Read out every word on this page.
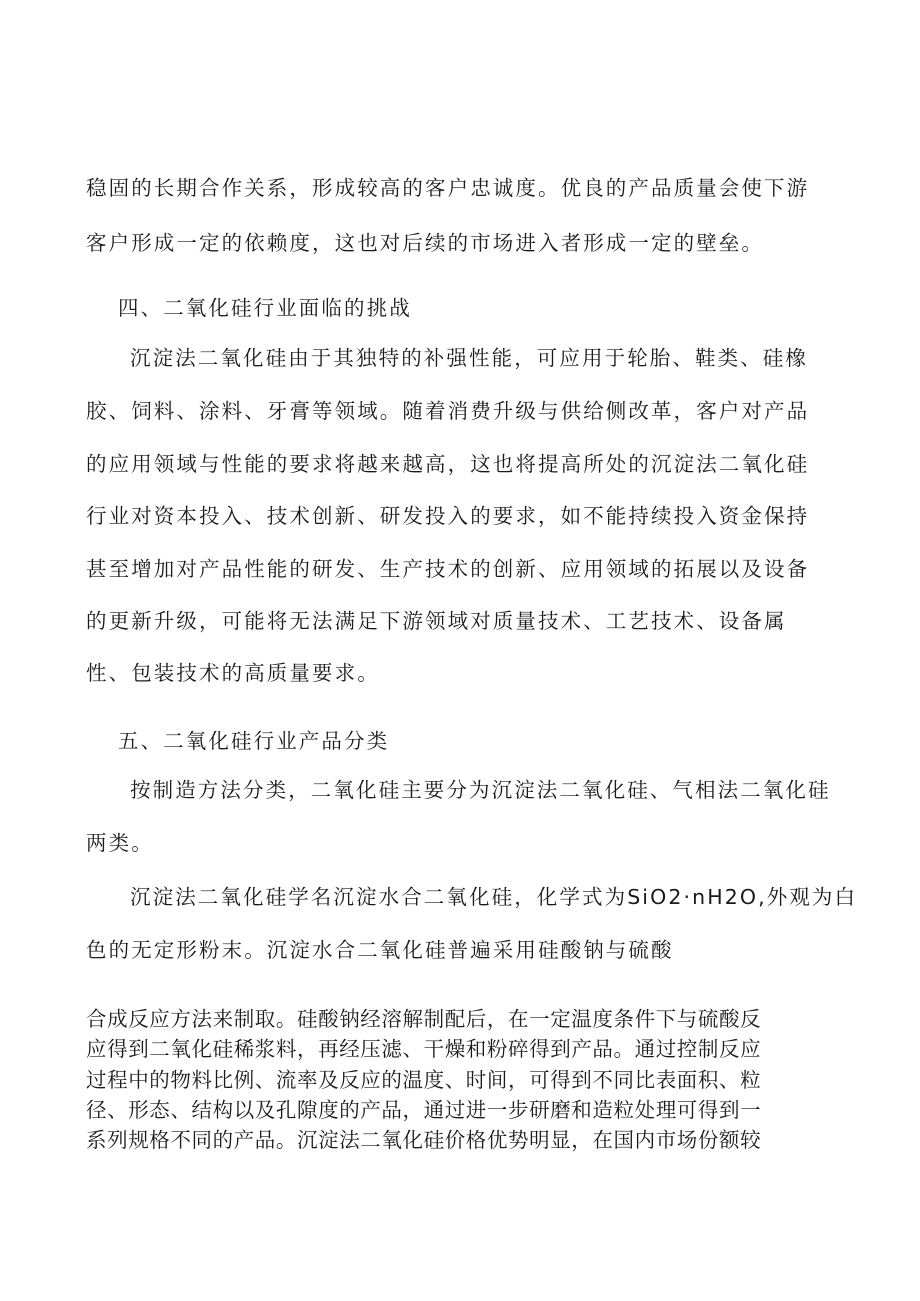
稳固的长期合作关系，形成较高的客户忠诚度。优良的产品质量会使下游
客户形成一定的依赖度，这也对后续的市场进入者形成一定的壁垒。
四、二氧化硅行业面临的挑战
沉淀法二氧化硅由于其独特的补强性能，可应用于轮胎、鞋类、硅橡
胶、饲料、涂料、牙膏等领域。随着消费升级与供给侧改革，客户对产品
的应用领域与性能的要求将越来越高，这也将提高所处的沉淀法二氧化硅
行业对资本投入、技术创新、研发投入的要求，如不能持续投入资金保持
甚至增加对产品性能的研发、生产技术的创新、应用领域的拓展以及设备
的更新升级，可能将无法满足下游领域对质量技术、工艺技术、设备属
性、包装技术的高质量要求。
五、二氧化硅行业产品分类
按制造方法分类，二氧化硅主要分为沉淀法二氧化硅、气相法二氧化硅
两类。
沉淀法二氧化硅学名沉淀水合二氧化硅，化学式为SiO2·nH2O,外观为白
色的无定形粉末。沉淀水合二氧化硅普遍采用硅酸钠与硫酸
合成反应方法来制取。硅酸钠经溶解制配后，在一定温度条件下与硫酸反
应得到二氧化硅稀浆料，再经压滤、干燥和粉碎得到产品。通过控制反应
过程中的物料比例、流率及反应的温度、时间，可得到不同比表面积、粒
径、形态、结构以及孔隙度的产品，通过进一步研磨和造粒处理可得到一
系列规格不同的产品。沉淀法二氧化硅价格优势明显，在国内市场份额较
